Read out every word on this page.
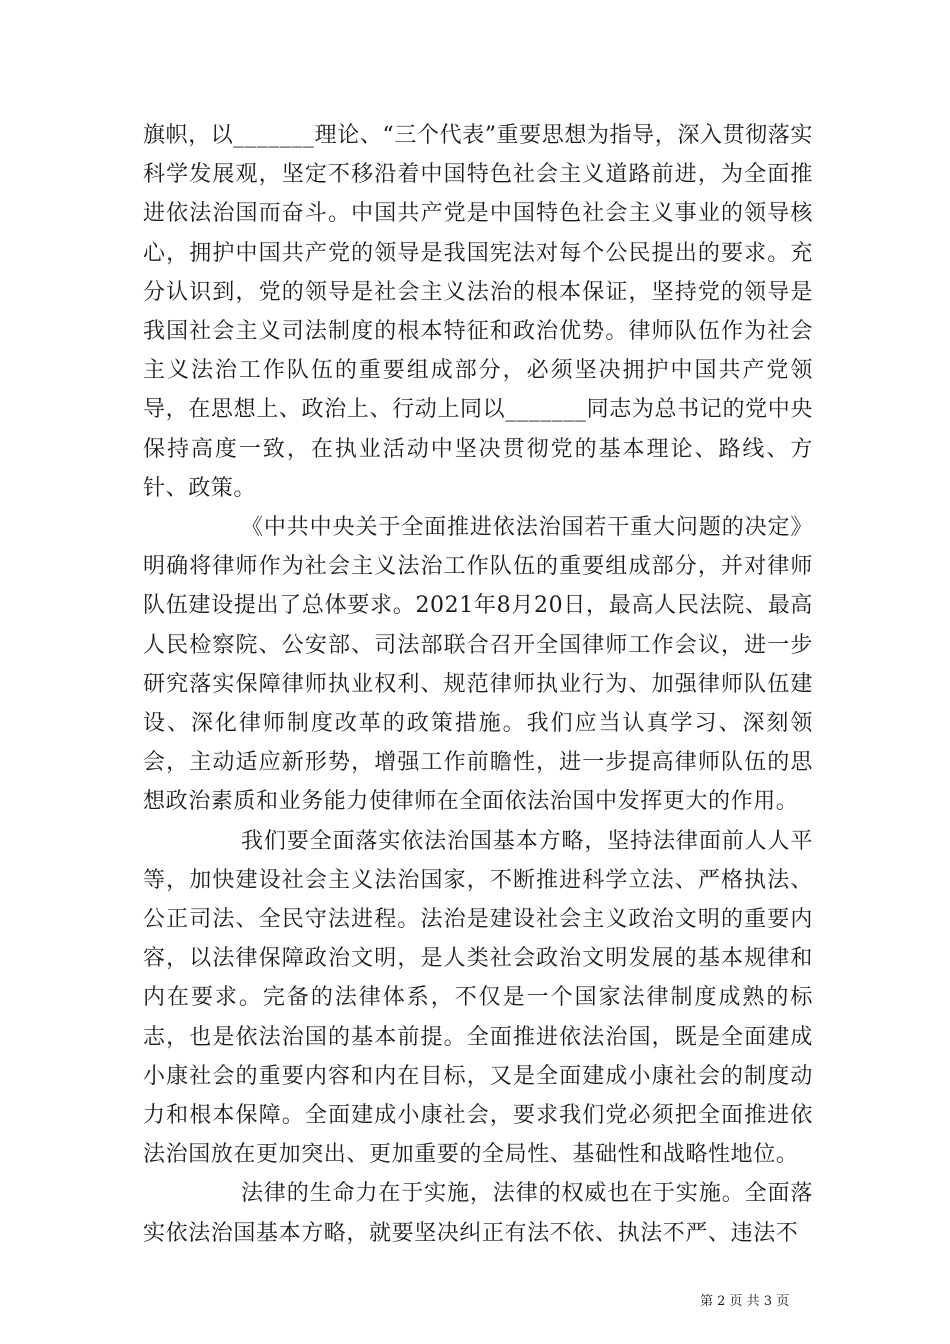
旗帜，以_______理论、“三个代表”重要思想为指导，深入贯彻落实科学发展观，坚定不移沿着中国特色社会主义道路前进，为全面推进依法治国而奋斗。中国共产党是中国特色社会主义事业的领导核心，拥护中国共产党的领导是我国宪法对每个公民提出的要求。充分认识到，党的领导是社会主义法治的根本保证，坚持党的领导是我国社会主义司法制度的根本特征和政治优势。律师队伍作为社会主义法治工作队伍的重要组成部分，必须坚决拥护中国共产党领导，在思想上、政治上、行动上同以_______同志为总书记的党中央保持高度一致，在执业活动中坚决贯彻党的基本理论、路线、方针、政策。

《中共中央关于全面推进依法治国若干重大问题的决定》明确将律师作为社会主义法治工作队伍的重要组成部分，并对律师队伍建设提出了总体要求。2021年8月20日，最高人民法院、最高人民检察院、公安部、司法部联合召开全国律师工作会议，进一步研究落实保障律师执业权利、规范律师执业行为、加强律师队伍建设、深化律师制度改革的政策措施。我们应当认真学习、深刻领会，主动适应新形势，增强工作前瞻性，进一步提高律师队伍的思想政治素质和业务能力使律师在全面依法治国中发挥更大的作用。

我们要全面落实依法治国基本方略，坚持法律面前人人平等，加快建设社会主义法治国家，不断推进科学立法、严格执法、公正司法、全民守法进程。法治是建设社会主义政治文明的重要内容，以法律保障政治文明，是人类社会政治文明发展的基本规律和内在要求。完备的法律体系，不仅是一个国家法律制度成熟的标志，也是依法治国的基本前提。全面推进依法治国，既是全面建成小康社会的重要内容和内在目标，又是全面建成小康社会的制度动力和根本保障。全面建成小康社会，要求我们党必须把全面推进依法治国放在更加突出、更加重要的全局性、基础性和战略性地位。

法律的生命力在于实施，法律的权威也在于实施。全面落实依法治国基本方略，就要坚决纠正有法不依、执法不严、违法不

第 2 页 共 3 页
